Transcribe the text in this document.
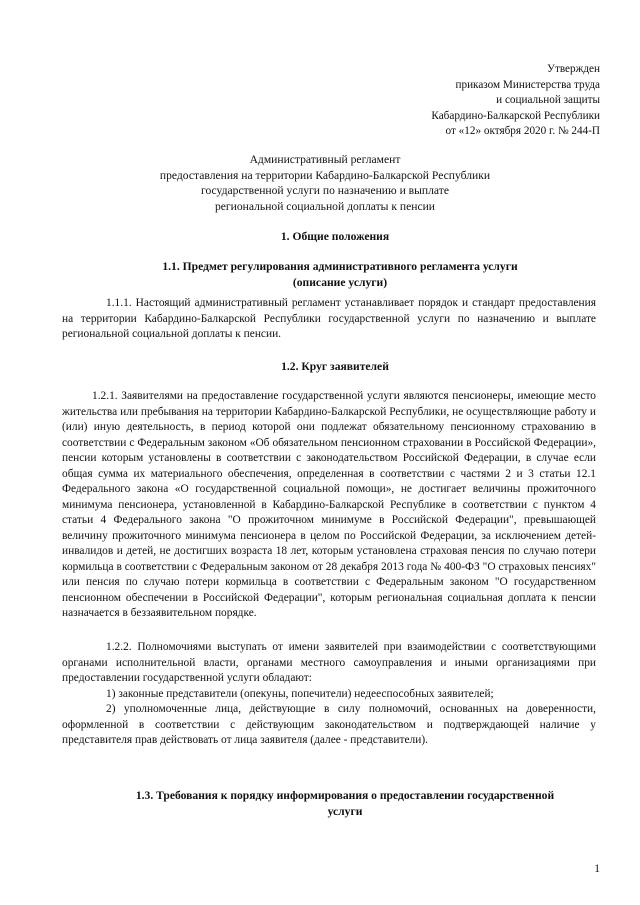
Утвержден
приказом Министерства труда
и социальной защиты
Кабардино-Балкарской Республики
от «12» октября 2020 г. № 244-П
Административный регламент
предоставления на территории Кабардино-Балкарской Республики
государственной услуги по назначению и выплате
региональной социальной доплаты к пенсии
1. Общие положения
1.1. Предмет регулирования административного регламента услуги
(описание услуги)

1.1.1. Настоящий административный регламент устанавливает порядок и стандарт предоставления на территории Кабардино-Балкарской Республики государственной услуги по назначению и выплате региональной социальной доплаты к пенсии.

1.2. Круг заявителей

1.2.1. Заявителями на предоставление государственной услуги являются пенсионеры, имеющие место жительства или пребывания на территории Кабардино-Балкарской Республики, не осуществляющие работу и (или) иную деятельность, в период которой они подлежат обязательному пенсионному страхованию в соответствии с Федеральным законом «Об обязательном пенсионном страховании в Российской Федерации», пенсии которым установлены в соответствии с законодательством Российской Федерации, в случае если общая сумма их материального обеспечения, определенная в соответствии с частями 2 и 3 статьи 12.1 Федерального закона «О государственной социальной помощи», не достигает величины прожиточного минимума пенсионера, установленной в Кабардино-Балкарской Республике в соответствии с пунктом 4 статьи 4 Федерального закона "О прожиточном минимуме в Российской Федерации", превышающей величину прожиточного минимума пенсионера в целом по Российской Федерации, за исключением детей-инвалидов и детей, не достигших возраста 18 лет, которым установлена страховая пенсия по случаю потери кормильца в соответствии с Федеральным законом от 28 декабря 2013 года № 400-ФЗ "О страховых пенсиях" или пенсия по случаю потери кормильца в соответствии с Федеральным законом "О государственном пенсионном обеспечении в Российской Федерации", которым региональная социальная доплата к пенсии назначается в беззаявительном порядке.

1.2.2. Полномочиями выступать от имени заявителей при взаимодействии с соответствующими органами исполнительной власти, органами местного самоуправления и иными организациями при предоставлении государственной услуги обладают:

1) законные представители (опекуны, попечители) недееспособных заявителей;

2) уполномоченные лица, действующие в силу полномочий, основанных на доверенности, оформленной в соответствии с действующим законодательством и подтверждающей наличие у представителя прав действовать от лица заявителя (далее - представители).

1.3. Требования к порядку информирования о предоставлении государственной
услуги
1
